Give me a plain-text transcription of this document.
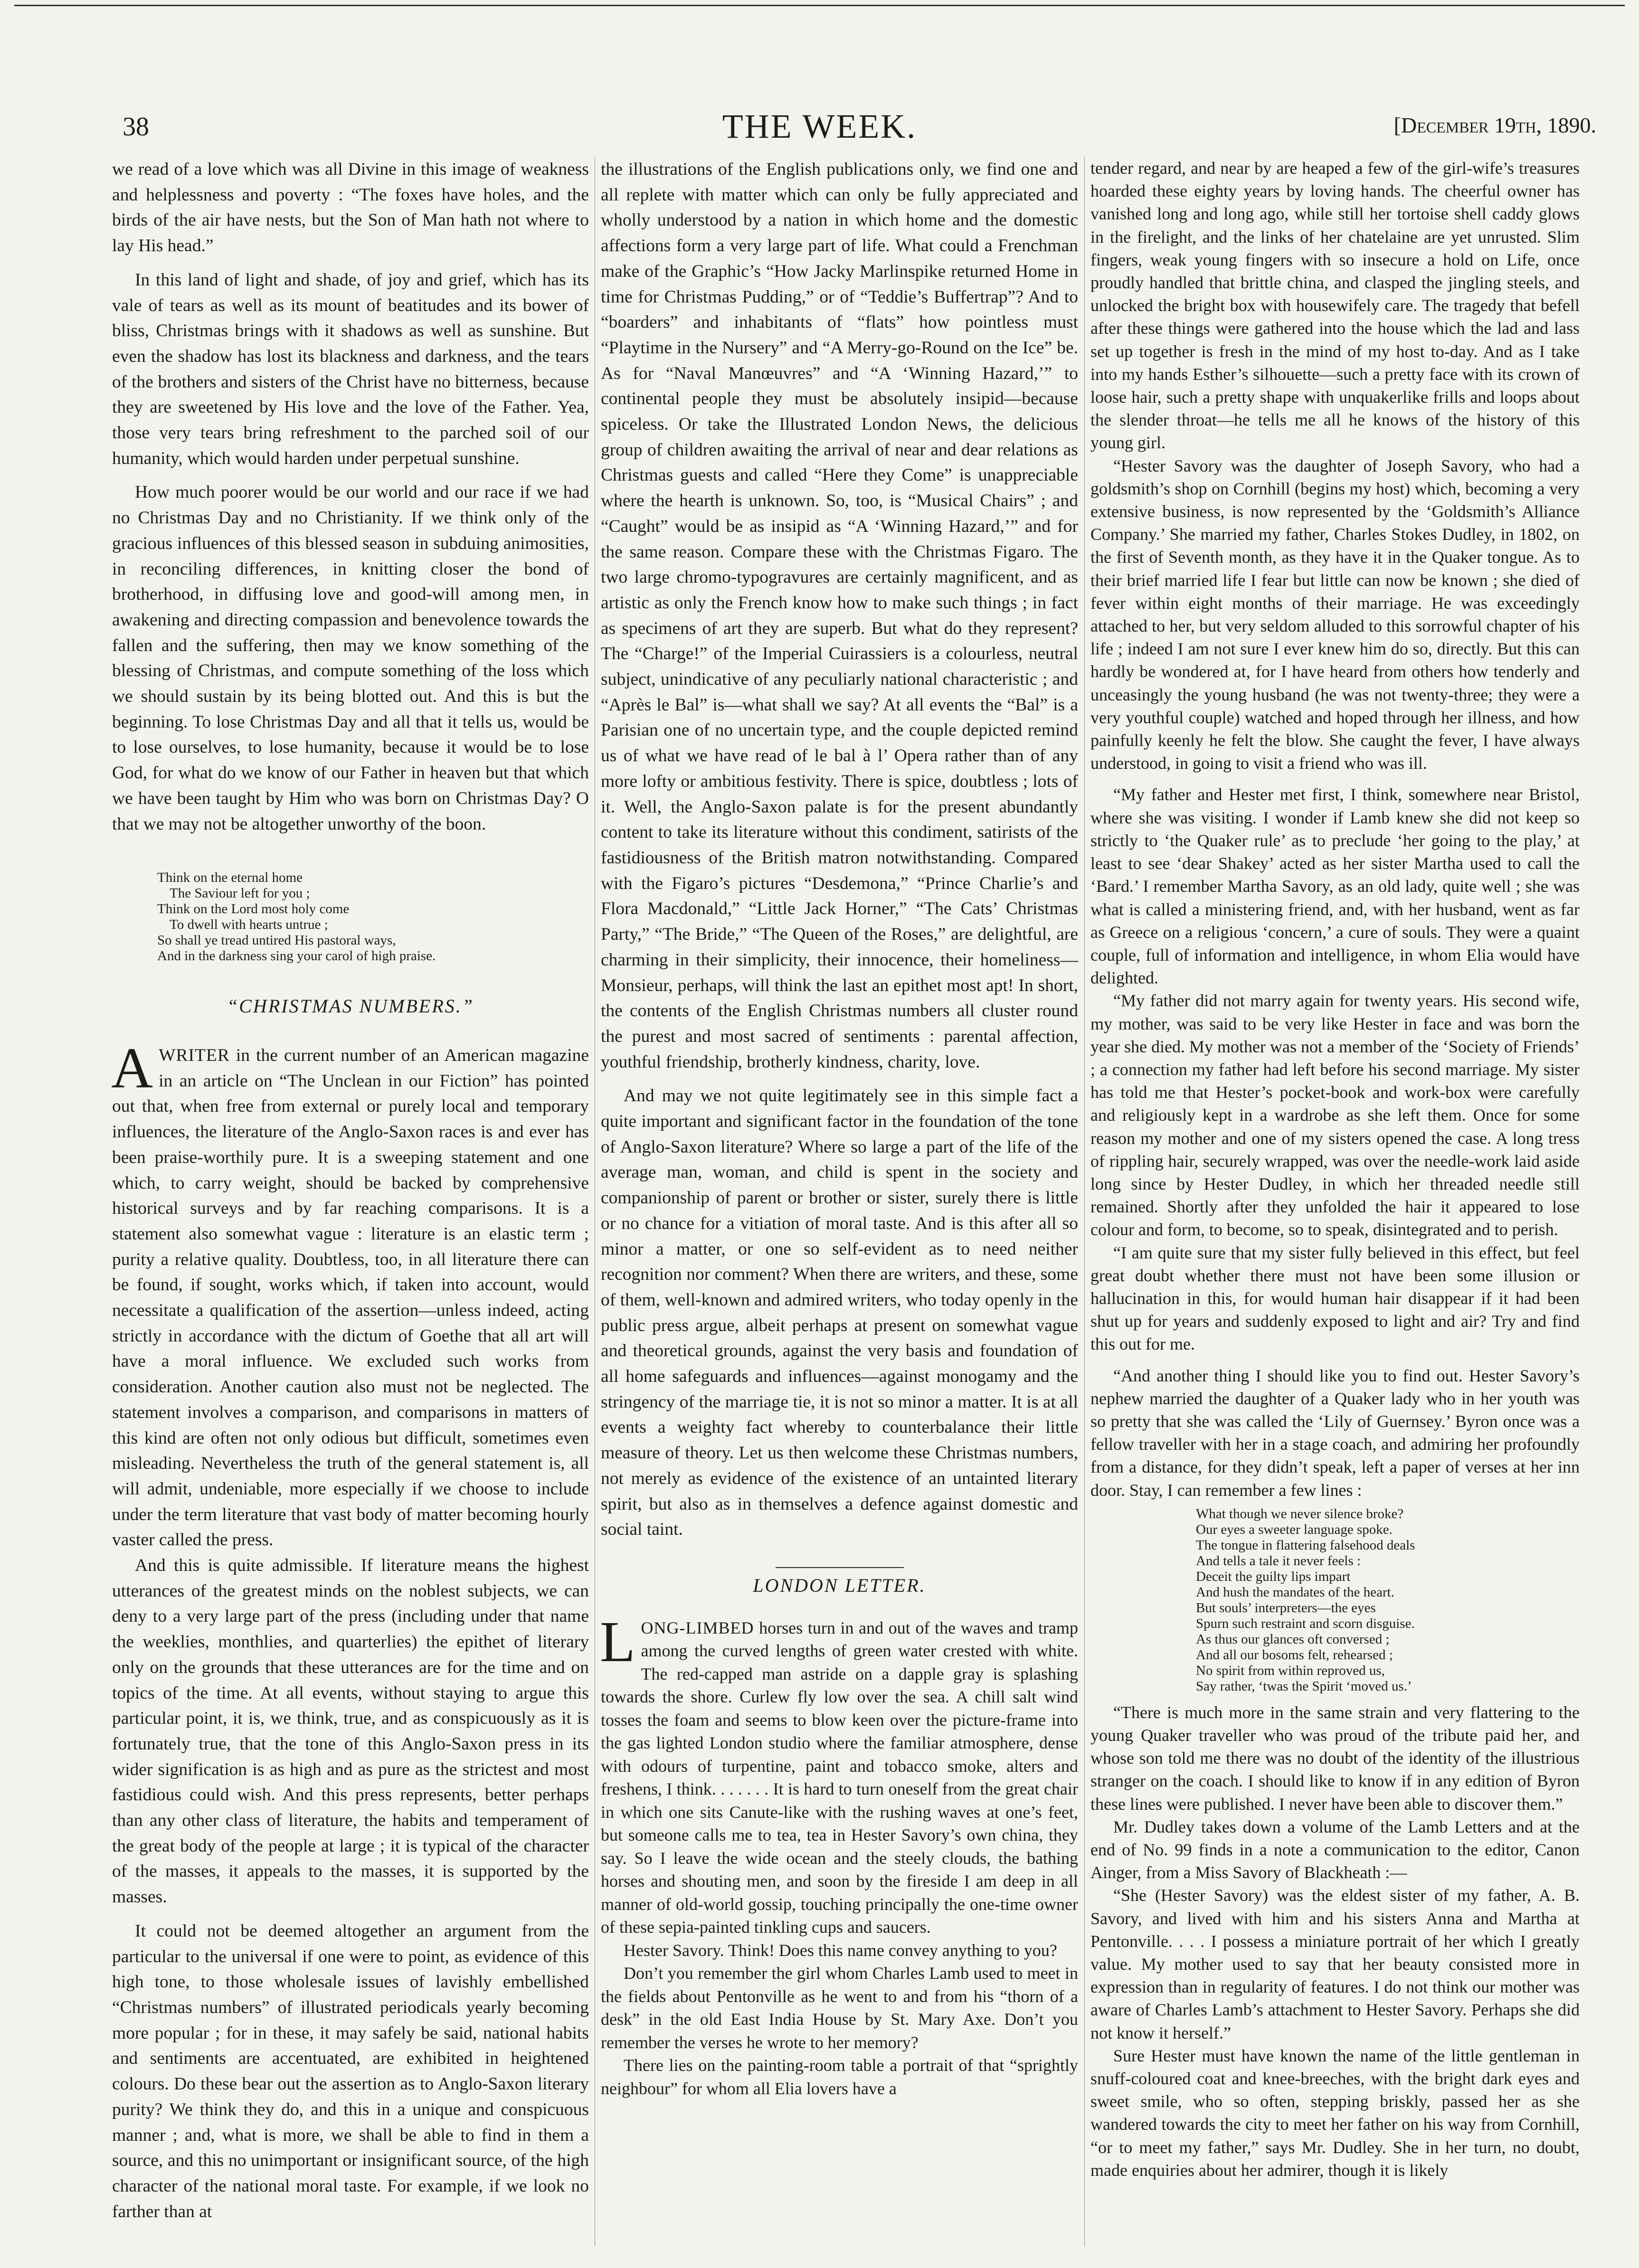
38	THE WEEK.	[December 19th, 1890.

we read of a love which was all Divine in this image of weakness and helplessness and poverty : “The foxes have holes, and the birds of the air have nests, but the Son of Man hath not where to lay His head.”

In this land of light and shade, of joy and grief, which has its vale of tears as well as its mount of beatitudes and its bower of bliss, Christmas brings with it shadows as well as sunshine. But even the shadow has lost its blackness and darkness, and the tears of the brothers and sisters of the Christ have no bitterness, because they are sweetened by His love and the love of the Father. Yea, those very tears bring refreshment to the parched soil of our humanity, which would harden under perpetual sunshine.

How much poorer would be our world and our race if we had no Christmas Day and no Christianity. If we think only of the gracious influences of this blessed season in subduing animosities, in reconciling differences, in knitting closer the bond of brotherhood, in diffusing love and good-will among men, in awakening and directing compassion and benevolence towards the fallen and the suffering, then may we know something of the blessing of Christmas, and compute something of the loss which we should sustain by its being blotted out. And this is but the beginning. To lose Christmas Day and all that it tells us, would be to lose ourselves, to lose humanity, because it would be to lose God, for what do we know of our Father in heaven but that which we have been taught by Him who was born on Christmas Day? O that we may not be altogether unworthy of the boon.

Think on the eternal home
The Saviour left for you ;
Think on the Lord most holy come
To dwell with hearts untrue ;
So shall ye tread untired His pastoral ways,
And in the darkness sing your carol of high praise.
“CHRISTMAS NUMBERS.”

AWRITER in the current number of an American magazine in an article on “The Unclean in our Fiction” has pointed out that, when free from external or purely local and temporary influences, the literature of the Anglo-Saxon races is and ever has been praise-worthily pure. It is a sweeping statement and one which, to carry weight, should be backed by comprehensive historical surveys and by far reaching comparisons. It is a statement also somewhat vague : literature is an elastic term ; purity a relative quality. Doubtless, too, in all literature there can be found, if sought, works which, if taken into account, would necessitate a qualification of the assertion—unless indeed, acting strictly in accordance with the dictum of Goethe that all art will have a moral influence. We excluded such works from consideration. Another caution also must not be neglected. The statement involves a comparison, and comparisons in matters of this kind are often not only odious but difficult, sometimes even misleading. Nevertheless the truth of the general statement is, all will admit, undeniable, more especially if we choose to include under the term literature that vast body of matter becoming hourly vaster called the press.

And this is quite admissible. If literature means the highest utterances of the greatest minds on the noblest subjects, we can deny to a very large part of the press (including under that name the weeklies, monthlies, and quarterlies) the epithet of literary only on the grounds that these utterances are for the time and on topics of the time. At all events, without staying to argue this particular point, it is, we think, true, and as conspicuously as it is fortunately true, that the tone of this Anglo-Saxon press in its wider signification is as high and as pure as the strictest and most fastidious could wish. And this press represents, better perhaps than any other class of literature, the habits and temperament of the great body of the people at large ; it is typical of the character of the masses, it appeals to the masses, it is supported by the masses.

It could not be deemed altogether an argument from the particular to the universal if one were to point, as evidence of this high tone, to those wholesale issues of lavishly embellished “Christmas numbers” of illustrated periodicals yearly becoming more popular ; for in these, it may safely be said, national habits and sentiments are accentuated, are exhibited in heightened colours. Do these bear out the assertion as to Anglo-Saxon literary purity? We think they do, and this in a unique and conspicuous manner ; and, what is more, we shall be able to find in them a source, and this no unimportant or insignificant source, of the high character of the national moral taste. For example, if we look no farther than at

the illustrations of the English publications only, we find one and all replete with matter which can only be fully appreciated and wholly understood by a nation in which home and the domestic affections form a very large part of life. What could a Frenchman make of the Graphic’s “How Jacky Marlinspike returned Home in time for Christmas Pudding,” or of “Teddie’s Buffertrap”? And to “boarders” and inhabitants of “flats” how pointless must “Playtime in the Nursery” and “A Merry-go-Round on the Ice” be. As for “Naval Manœuvres” and “A ‘Winning Hazard,’” to continental people they must be absolutely insipid—because spiceless. Or take the Illustrated London News, the delicious group of children awaiting the arrival of near and dear relations as Christmas guests and called “Here they Come” is unappreciable where the hearth is unknown. So, too, is “Musical Chairs” ; and “Caught” would be as insipid as “A ‘Winning Hazard,’” and for the same reason. Compare these with the Christmas Figaro. The two large chromo-typogravures are certainly magnificent, and as artistic as only the French know how to make such things ; in fact as specimens of art they are superb. But what do they represent? The “Charge!” of the Imperial Cuirassiers is a colourless, neutral subject, unindicative of any peculiarly national characteristic ; and “Après le Bal” is—what shall we say? At all events the “Bal” is a Parisian one of no uncertain type, and the couple depicted remind us of what we have read of le bal à l’ Opera rather than of any more lofty or ambitious festivity. There is spice, doubtless ; lots of it. Well, the Anglo-Saxon palate is for the present abundantly content to take its literature without this condiment, satirists of the fastidiousness of the British matron notwithstanding. Compared with the Figaro’s pictures “Desdemona,” “Prince Charlie’s and Flora Macdonald,” “Little Jack Horner,” “The Cats’ Christmas Party,” “The Bride,” “The Queen of the Roses,” are delightful, are charming in their simplicity, their innocence, their homeliness—Monsieur, perhaps, will think the last an epithet most apt! In short, the contents of the English Christmas numbers all cluster round the purest and most sacred of sentiments : parental affection, youthful friendship, brotherly kindness, charity, love.

And may we not quite legitimately see in this simple fact a quite important and significant factor in the foundation of the tone of Anglo-Saxon literature? Where so large a part of the life of the average man, woman, and child is spent in the society and companionship of parent or brother or sister, surely there is little or no chance for a vitiation of moral taste. And is this after all so minor a matter, or one so self-evident as to need neither recognition nor comment? When there are writers, and these, some of them, well-known and admired writers, who today openly in the public press argue, albeit perhaps at present on somewhat vague and theoretical grounds, against the very basis and foundation of all home safeguards and influences—against monogamy and the stringency of the marriage tie, it is not so minor a matter. It is at all events a weighty fact whereby to counterbalance their little measure of theory. Let us then welcome these Christmas numbers, not merely as evidence of the existence of an untainted literary spirit, but also as in themselves a defence against domestic and social taint.

LONDON LETTER.

LONG-LIMBED horses turn in and out of the waves and tramp among the curved lengths of green water crested with white. The red-capped man astride on a dapple gray is splashing towards the shore. Curlew fly low over the sea. A chill salt wind tosses the foam and seems to blow keen over the picture-frame into the gas lighted London studio where the familiar atmosphere, dense with odours of turpentine, paint and tobacco smoke, alters and freshens, I think. . . . . . . It is hard to turn oneself from the great chair in which one sits Canute-like with the rushing waves at one’s feet, but someone calls me to tea, tea in Hester Savory’s own china, they say. So I leave the wide ocean and the steely clouds, the bathing horses and shouting men, and soon by the fireside I am deep in all manner of old-world gossip, touching principally the one-time owner of these sepia-painted tinkling cups and saucers.

Hester Savory. Think! Does this name convey anything to you?

Don’t you remember the girl whom Charles Lamb used to meet in the fields about Pentonville as he went to and from his “thorn of a desk” in the old East India House by St. Mary Axe. Don’t you remember the verses he wrote to her memory?

There lies on the painting-room table a portrait of that “sprightly neighbour” for whom all Elia lovers have a

tender regard, and near by are heaped a few of the girl-wife’s treasures hoarded these eighty years by loving hands. The cheerful owner has vanished long and long ago, while still her tortoise shell caddy glows in the firelight, and the links of her chatelaine are yet unrusted. Slim fingers, weak young fingers with so insecure a hold on Life, once proudly handled that brittle china, and clasped the jingling steels, and unlocked the bright box with housewifely care. The tragedy that befell after these things were gathered into the house which the lad and lass set up together is fresh in the mind of my host to-day. And as I take into my hands Esther’s silhouette—such a pretty face with its crown of loose hair, such a pretty shape with unquakerlike frills and loops about the slender throat—he tells me all he knows of the history of this young girl.

“Hester Savory was the daughter of Joseph Savory, who had a goldsmith’s shop on Cornhill (begins my host) which, becoming a very extensive business, is now represented by the ‘Goldsmith’s Alliance Company.’ She married my father, Charles Stokes Dudley, in 1802, on the first of Seventh month, as they have it in the Quaker tongue. As to their brief married life I fear but little can now be known ; she died of fever within eight months of their marriage. He was exceedingly attached to her, but very seldom alluded to this sorrowful chapter of his life ; indeed I am not sure I ever knew him do so, directly. But this can hardly be wondered at, for I have heard from others how tenderly and unceasingly the young husband (he was not twenty-three; they were a very youthful couple) watched and hoped through her illness, and how painfully keenly he felt the blow. She caught the fever, I have always understood, in going to visit a friend who was ill.

“My father and Hester met first, I think, somewhere near Bristol, where she was visiting. I wonder if Lamb knew she did not keep so strictly to ‘the Quaker rule’ as to preclude ‘her going to the play,’ at least to see ‘dear Shakey’ acted as her sister Martha used to call the ‘Bard.’ I remember Martha Savory, as an old lady, quite well ; she was what is called a ministering friend, and, with her husband, went as far as Greece on a religious ‘concern,’ a cure of souls. They were a quaint couple, full of information and intelligence, in whom Elia would have delighted.

“My father did not marry again for twenty years. His second wife, my mother, was said to be very like Hester in face and was born the year she died. My mother was not a member of the ‘Society of Friends’ ; a connection my father had left before his second marriage. My sister has told me that Hester’s pocket-book and work-box were carefully and religiously kept in a wardrobe as she left them. Once for some reason my mother and one of my sisters opened the case. A long tress of rippling hair, securely wrapped, was over the needle-work laid aside long since by Hester Dudley, in which her threaded needle still remained. Shortly after they unfolded the hair it appeared to lose colour and form, to become, so to speak, disintegrated and to perish.

“I am quite sure that my sister fully believed in this effect, but feel great doubt whether there must not have been some illusion or hallucination in this, for would human hair disappear if it had been shut up for years and suddenly exposed to light and air? Try and find this out for me.

“And another thing I should like you to find out. Hester Savory’s nephew married the daughter of a Quaker lady who in her youth was so pretty that she was called the ‘Lily of Guernsey.’ Byron once was a fellow traveller with her in a stage coach, and admiring her profoundly from a distance, for they didn’t speak, left a paper of verses at her inn door. Stay, I can remember a few lines :

What though we never silence broke?
Our eyes a sweeter language spoke.
The tongue in flattering falsehood deals
And tells a tale it never feels :
Deceit the guilty lips impart
And hush the mandates of the heart.
But souls’ interpreters—the eyes
Spurn such restraint and scorn disguise.
As thus our glances oft conversed ;
And all our bosoms felt, rehearsed ;
No spirit from within reproved us,
Say rather, ‘twas the Spirit ‘moved us.’

“There is much more in the same strain and very flattering to the young Quaker traveller who was proud of the tribute paid her, and whose son told me there was no doubt of the identity of the illustrious stranger on the coach. I should like to know if in any edition of Byron these lines were published. I never have been able to discover them.”

Mr. Dudley takes down a volume of the Lamb Letters and at the end of No. 99 finds in a note a communication to the editor, Canon Ainger, from a Miss Savory of Blackheath :—

“She (Hester Savory) was the eldest sister of my father, A. B. Savory, and lived with him and his sisters Anna and Martha at Pentonville. . . . I possess a miniature portrait of her which I greatly value. My mother used to say that her beauty consisted more in expression than in regularity of features. I do not think our mother was aware of Charles Lamb’s attachment to Hester Savory. Perhaps she did not know it herself.”

Sure Hester must have known the name of the little gentleman in snuff-coloured coat and knee-breeches, with the bright dark eyes and sweet smile, who so often, stepping briskly, passed her as she wandered towards the city to meet her father on his way from Cornhill, “or to meet my father,” says Mr. Dudley. She in her turn, no doubt, made enquiries about her admirer, though it is likely
